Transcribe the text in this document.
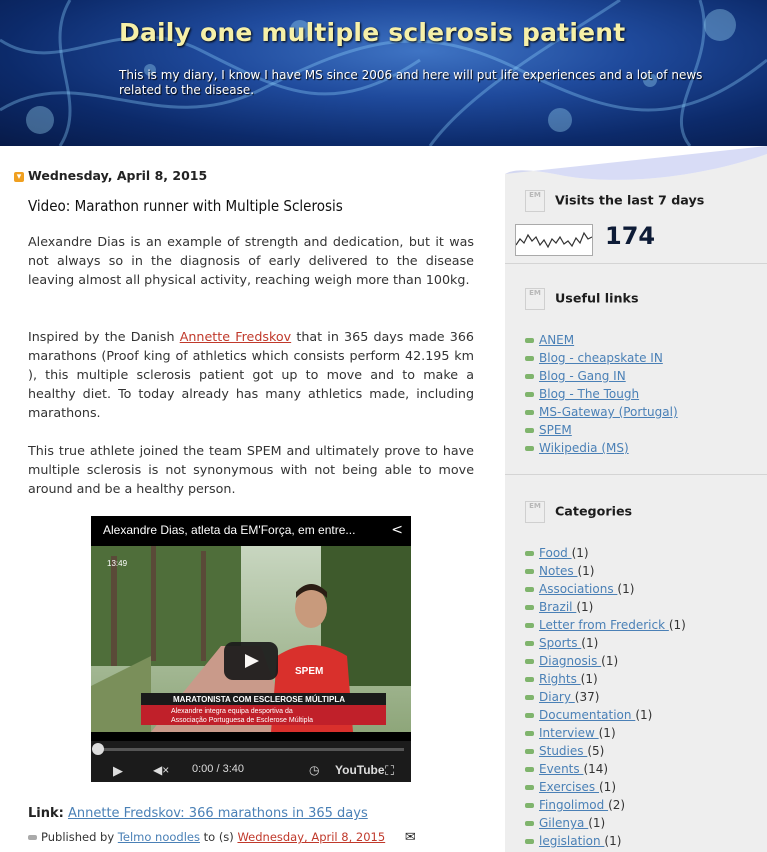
Daily one multiple sclerosis patient

This is my diary, I know I have MS since 2006 and here will put life experiences and a lot of news related to the disease.

▾ Wednesday, April 8, 2015
Video: Marathon runner with Multiple Sclerosis

Alexandre Dias is an example of strength and dedication, but it was not always so in the diagnosis of early delivered to the disease leaving almost all physical activity, reaching weigh more than 100kg.

Inspired by the Danish Annette Fredskov that in 365 days made 366 marathons (Proof king of athletics which consists perform 42.195 km ), this multiple sclerosis patient got up to move and to make a healthy diet. To today already has many athletics made, including marathons.

This true athlete joined the team SPEM and ultimately prove to have multiple sclerosis is not synonymous with not being able to move around and be a healthy person.

Alexandre Dias, atleta da EM'Força, em entre...	<
SPEM
13:49
MARATONISTA COM ESCLEROSE MÚLTIPLA
Alexandre integra equipa desportiva da
Associação Portuguesa de Esclerose Múltipla
▶	◀× 0:00 / 3:40	◷ YouTube ⛶
Link: Annette Fredskov: 366 marathons in 365 days
Published by Telmo noodles to (s) Wednesday, April 8, 2015 ✉
EM Visits the last 7 days
174
EM Useful links
ANEM
Blog - cheapskate IN
Blog - Gang IN
Blog - The Tough
MS-Gateway (Portugal)
SPEM
Wikipedia (MS)
EM Categories
Food (1)
Notes (1)
Associations (1)
Brazil (1)
Letter from Frederick (1)
Sports (1)
Diagnosis (1)
Rights (1)
Diary (37)
Documentation (1)
Interview (1)
Studies (5)
Events (14)
Exercises (1)
Fingolimod (2)
Gilenya (1)
legislation (1)
